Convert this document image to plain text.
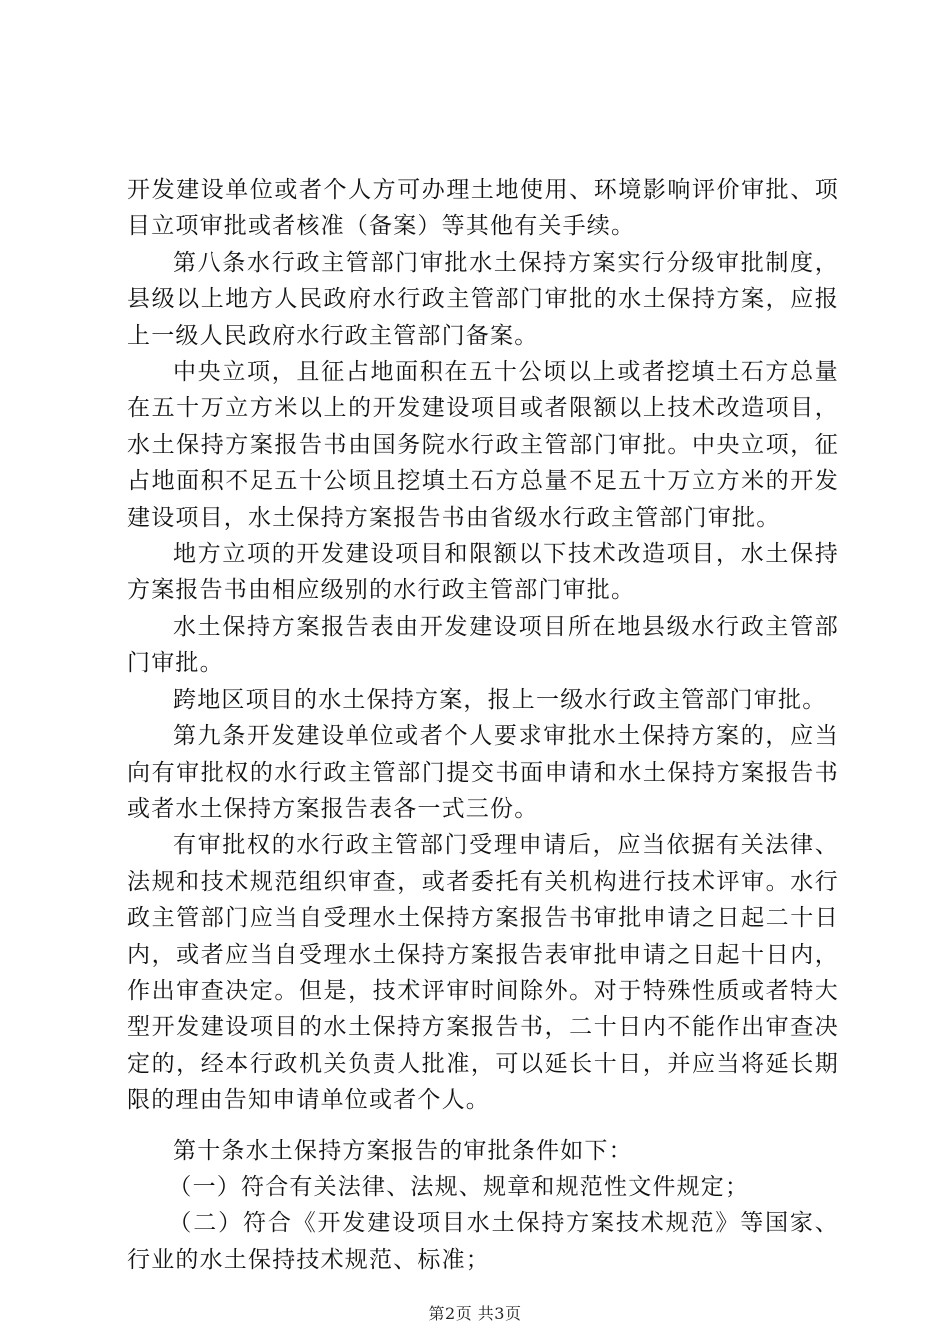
开发建设单位或者个人方可办理土地使用、环境影响评价审批、项目立项审批或者核准（备案）等其他有关手续。

第八条水行政主管部门审批水土保持方案实行分级审批制度，县级以上地方人民政府水行政主管部门审批的水土保持方案，应报上一级人民政府水行政主管部门备案。

中央立项，且征占地面积在五十公顷以上或者挖填土石方总量在五十万立方米以上的开发建设项目或者限额以上技术改造项目，水土保持方案报告书由国务院水行政主管部门审批。中央立项，征占地面积不足五十公顷且挖填土石方总量不足五十万立方米的开发建设项目，水土保持方案报告书由省级水行政主管部门审批。

地方立项的开发建设项目和限额以下技术改造项目，水土保持方案报告书由相应级别的水行政主管部门审批。

水土保持方案报告表由开发建设项目所在地县级水行政主管部门审批。

跨地区项目的水土保持方案，报上一级水行政主管部门审批。

第九条开发建设单位或者个人要求审批水土保持方案的，应当向有审批权的水行政主管部门提交书面申请和水土保持方案报告书或者水土保持方案报告表各一式三份。

有审批权的水行政主管部门受理申请后，应当依据有关法律、法规和技术规范组织审查，或者委托有关机构进行技术评审。水行政主管部门应当自受理水土保持方案报告书审批申请之日起二十日内，或者应当自受理水土保持方案报告表审批申请之日起十日内，作出审查决定。但是，技术评审时间除外。对于特殊性质或者特大型开发建设项目的水土保持方案报告书，二十日内不能作出审查决定的，经本行政机关负责人批准，可以延长十日，并应当将延长期限的理由告知申请单位或者个人。

第十条水土保持方案报告的审批条件如下：

（一）符合有关法律、法规、规章和规范性文件规定；

（二）符合《开发建设项目水土保持方案技术规范》等国家、行业的水土保持技术规范、标准；

第2页 共3页
